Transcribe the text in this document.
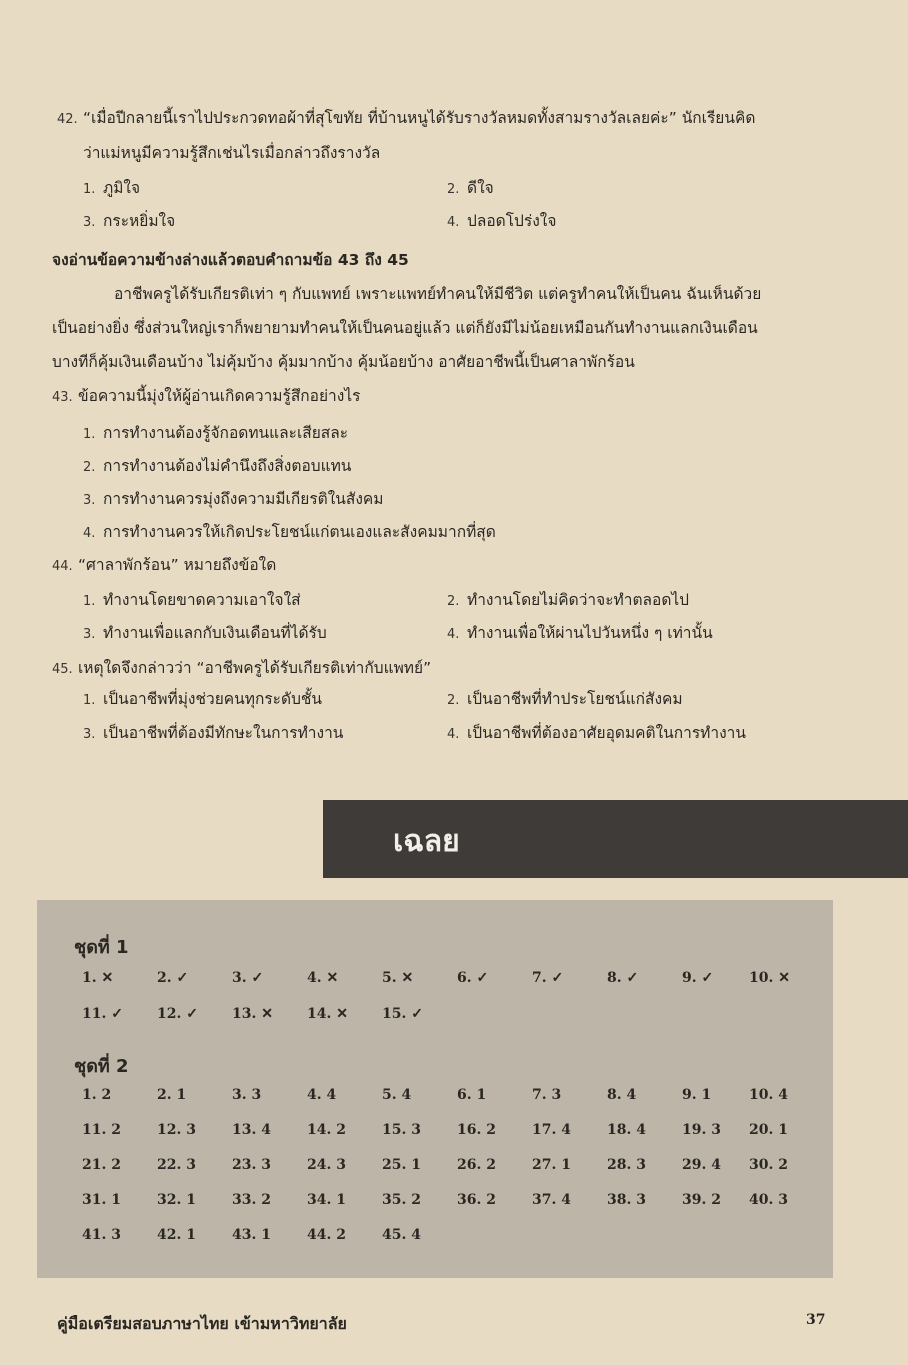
42. “เมื่อปีกลายนี้เราไปประกวดทอผ้าที่สุโขทัย ที่บ้านหนูได้รับรางวัลหมดทั้งสามรางวัลเลยค่ะ” นักเรียนคิด
ว่าแม่หนูมีความรู้สึกเช่นไรเมื่อกล่าวถึงรางวัล
1. ภูมิใจ	2. ดีใจ
3. กระหยิ่มใจ	4. ปลอดโปร่งใจ
จงอ่านข้อความข้างล่างแล้วตอบคำถามข้อ 43 ถึง 45
อาชีพครูได้รับเกียรติเท่า ๆ กับแพทย์ เพราะแพทย์ทำคนให้มีชีวิต แต่ครูทำคนให้เป็นคน ฉันเห็นด้วย
เป็นอย่างยิ่ง ซึ่งส่วนใหญ่เราก็พยายามทำคนให้เป็นคนอยู่แล้ว แต่ก็ยังมีไม่น้อยเหมือนกันทำงานแลกเงินเดือน
บางทีก็คุ้มเงินเดือนบ้าง ไม่คุ้มบ้าง คุ้มมากบ้าง คุ้มน้อยบ้าง อาศัยอาชีพนี้เป็นศาลาพักร้อน
43. ข้อความนี้มุ่งให้ผู้อ่านเกิดความรู้สึกอย่างไร
1. การทำงานต้องรู้จักอดทนและเสียสละ
2. การทำงานต้องไม่คำนึงถึงสิ่งตอบแทน
3. การทำงานควรมุ่งถึงความมีเกียรติในสังคม
4. การทำงานควรให้เกิดประโยชน์แก่ตนเองและสังคมมากที่สุด
44. “ศาลาพักร้อน” หมายถึงข้อใด
1. ทำงานโดยขาดความเอาใจใส่	2. ทำงานโดยไม่คิดว่าจะทำตลอดไป
3. ทำงานเพื่อแลกกับเงินเดือนที่ได้รับ	4. ทำงานเพื่อให้ผ่านไปวันหนึ่ง ๆ เท่านั้น
45. เหตุใดจึงกล่าวว่า “อาชีพครูได้รับเกียรติเท่ากับแพทย์”
1. เป็นอาชีพที่มุ่งช่วยคนทุกระดับชั้น	2. เป็นอาชีพที่ทำประโยชน์แก่สังคม
3. เป็นอาชีพที่ต้องมีทักษะในการทำงาน	4. เป็นอาชีพที่ต้องอาศัยอุดมคติในการทำงาน
เฉลย
ชุดที่ 1
1. ✕	2. ✓	3. ✓	4. ✕	5. ✕	6. ✓	7. ✓	8. ✓	9. ✓	10. ✕
11. ✓ 12. ✓ 13. ✕ 14. ✕ 15. ✓
ชุดที่ 2
1. 2	2. 1	3. 3	4. 4	5. 4	6. 1	7. 3	8. 4	9. 1	10. 4
11. 2	12. 3	13. 4	14. 2	15. 3	16. 2	17. 4	18. 4	19. 3 20. 1
21. 2	22. 3	23. 3	24. 3	25. 1	26. 2	27. 1	28. 3	29. 4 30. 2
31. 1	32. 1	33. 2	34. 1	35. 2	36. 2	37. 4	38. 3	39. 2 40. 3
41. 3	42. 1	43. 1	44. 2	45. 4
คู่มือเตรียมสอบภาษาไทย เข้ามหาวิทยาลัย	37
